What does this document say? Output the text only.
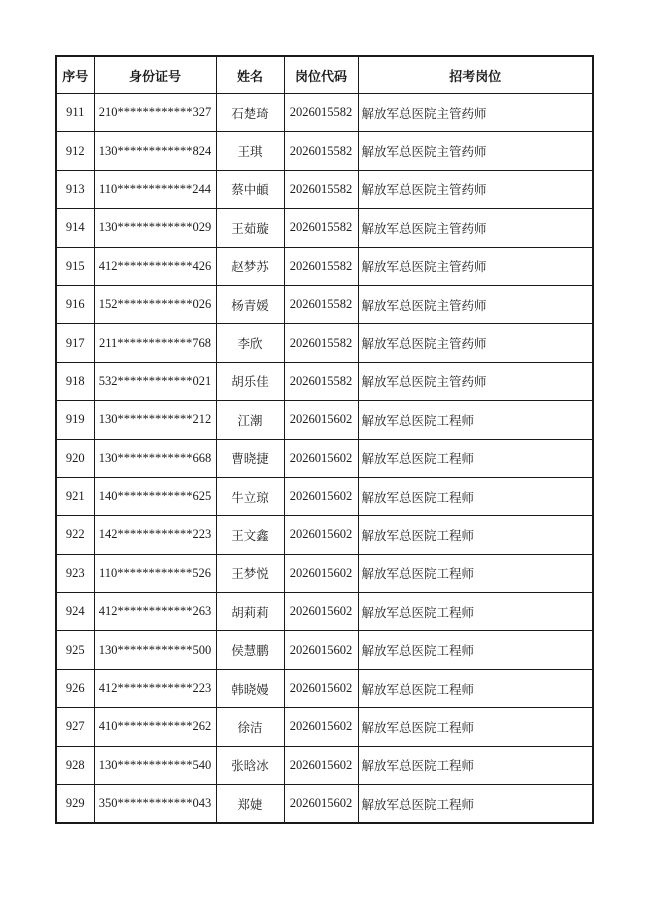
序号	身份证号	姓名	岗位代码	招考岗位
911	210************327	石楚琦	2026015582	解放军总医院主管药师
912	130************824	王琪	2026015582	解放军总医院主管药师
913	110************244	蔡中頔	2026015582	解放军总医院主管药师
914	130************029	王茹璇	2026015582	解放军总医院主管药师
915	412************426	赵梦苏	2026015582	解放军总医院主管药师
916	152************026	杨青媛	2026015582	解放军总医院主管药师
917	211************768	李欣	2026015582	解放军总医院主管药师
918	532************021	胡乐佳	2026015582	解放军总医院主管药师
919	130************212	江潮	2026015602	解放军总医院工程师
920	130************668	曹晓捷	2026015602	解放军总医院工程师
921	140************625	牛立琼	2026015602	解放军总医院工程师
922	142************223	王文鑫	2026015602	解放军总医院工程师
923	110************526	王梦悦	2026015602	解放军总医院工程师
924	412************263	胡莉莉	2026015602	解放军总医院工程师
925	130************500	侯慧鹏	2026015602	解放军总医院工程师
926	412************223	韩晓嫚	2026015602	解放军总医院工程师
927	410************262	徐洁	2026015602	解放军总医院工程师
928	130************540	张晗冰	2026015602	解放军总医院工程师
929	350************043	郑婕	2026015602	解放军总医院工程师
